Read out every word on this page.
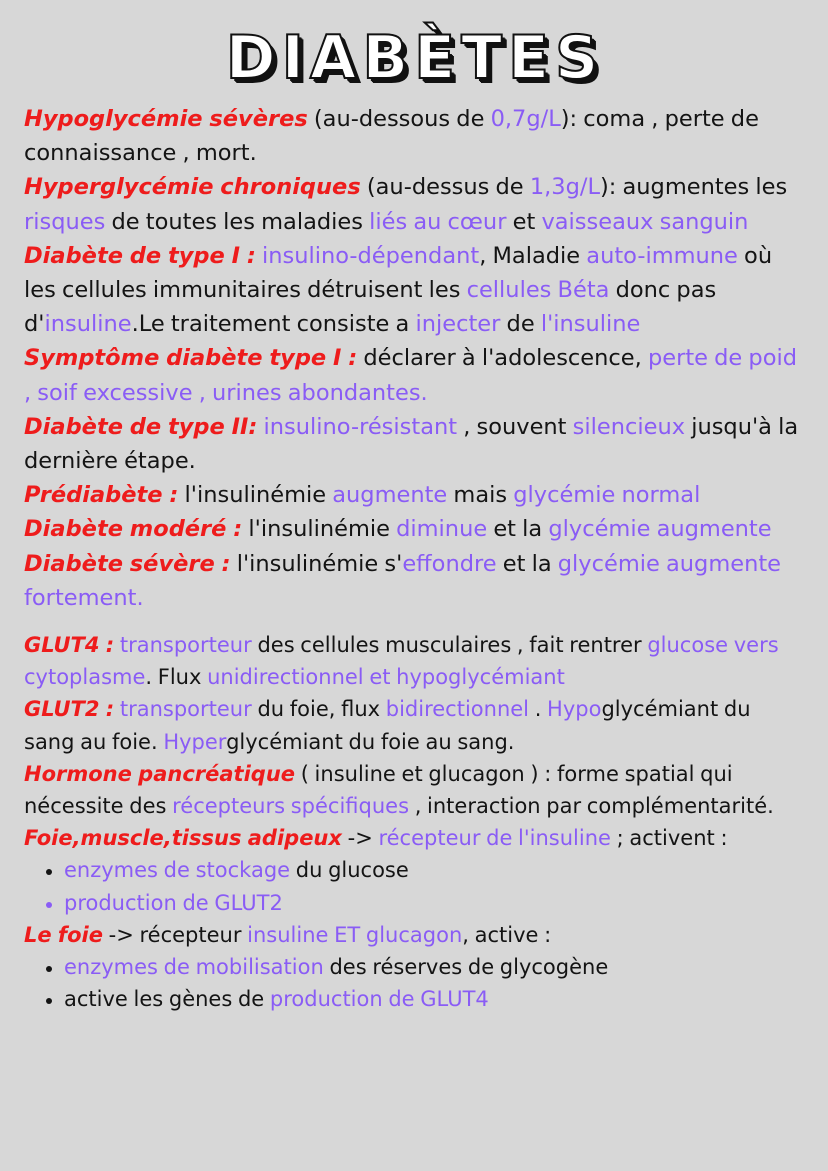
DIABÈTES

Hypoglycémie sévères (au-dessous de 0,7g/L): coma , perte de connaissance , mort.

Hyperglycémie chroniques (au-dessus de 1,3g/L): augmentes les risques de toutes les maladies liés au cœur et vaisseaux sanguin

Diabète de type I : insulino-dépendant, Maladie auto-immune où les cellules immunitaires détruisent les cellules Béta donc pas d'insuline.Le traitement consiste a injecter de l'insuline

Symptôme diabète type I : déclarer à l'adolescence, perte de poid , soif excessive , urines abondantes.

Diabète de type II: insulino-résistant , souvent silencieux jusqu'à la dernière étape.

Prédiabète : l'insulinémie augmente mais glycémie normal

Diabète modéré : l'insulinémie diminue et la glycémie augmente

Diabète sévère : l'insulinémie s'effondre et la glycémie augmente fortement.

GLUT4 : transporteur des cellules musculaires , fait rentrer glucose vers cytoplasme. Flux unidirectionnel et hypoglycémiant

GLUT2 : transporteur du foie, flux bidirectionnel . Hypoglycémiant du sang au foie. Hyperglycémiant du foie au sang.

Hormone pancréatique ( insuline et glucagon ) : forme spatial qui nécessite des récepteurs spécifiques , interaction par complémentarité.

Foie,muscle,tissus adipeux -> récepteur de l'insuline ; activent :

• enzymes de stockage du glucose
• production de GLUT2

Le foie -> récepteur insuline ET glucagon, active :

• enzymes de mobilisation des réserves de glycogène
• active les gènes de production de GLUT4
